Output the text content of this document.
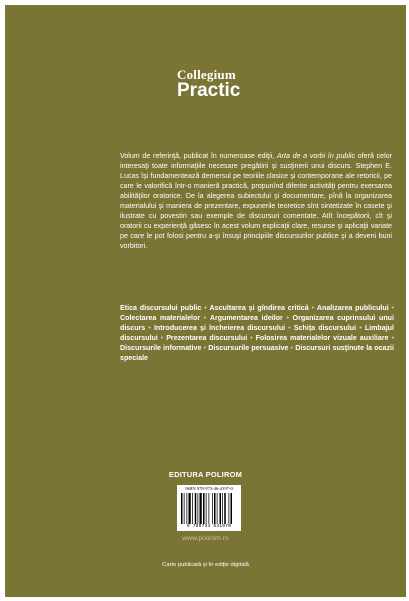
Collegium
Practic

Volum de referinţă, publicat în numeroase ediţii, Arta de a vorbi în public oferă celor interesaţi toate informaţiile necesare pregătirii şi susţinerii unui discurs. Stephen E. Lucas îşi fundamentează demersul pe teoriile clasice şi contemporane ale retoricii, pe care le valorifică într-o manieră practică, propunînd diferite activităţi pentru exersarea abilităţilor oratorice. De la alegerea subiectului şi documentare, pînă la organizarea materialului şi maniera de prezentare, expunerile teoretice sînt sintetizate în casete şi ilustrate cu povestiri sau exemple de discursuri comentate. Atît începătorii, cît şi oratorii cu experienţă găsesc în acest volum explicaţii clare, resurse şi aplicaţii variate pe care le pot folosi pentru a-şi însuşi principiile discursurilor publice şi a deveni buni vorbitori.

Etica discursului public • Ascultarea şi gîndirea critică • Analizarea publicului • Colectarea materialelor • Argumentarea ideilor • Organizarea cuprinsului unui discurs • Introducerea şi încheierea discursului • Schiţa discursului • Limbajul discursului • Prezentarea discursului • Folosirea materialelor vizuale auxiliare • Discursurile informative • Discursurile persuasive • Discursuri susţinute la ocazii speciale

EDITURA POLIROM
ISBN 978-973-46-4197-0
9 789734 641970
www.polirom.ro
Carte publicată şi în ediţie digitală
